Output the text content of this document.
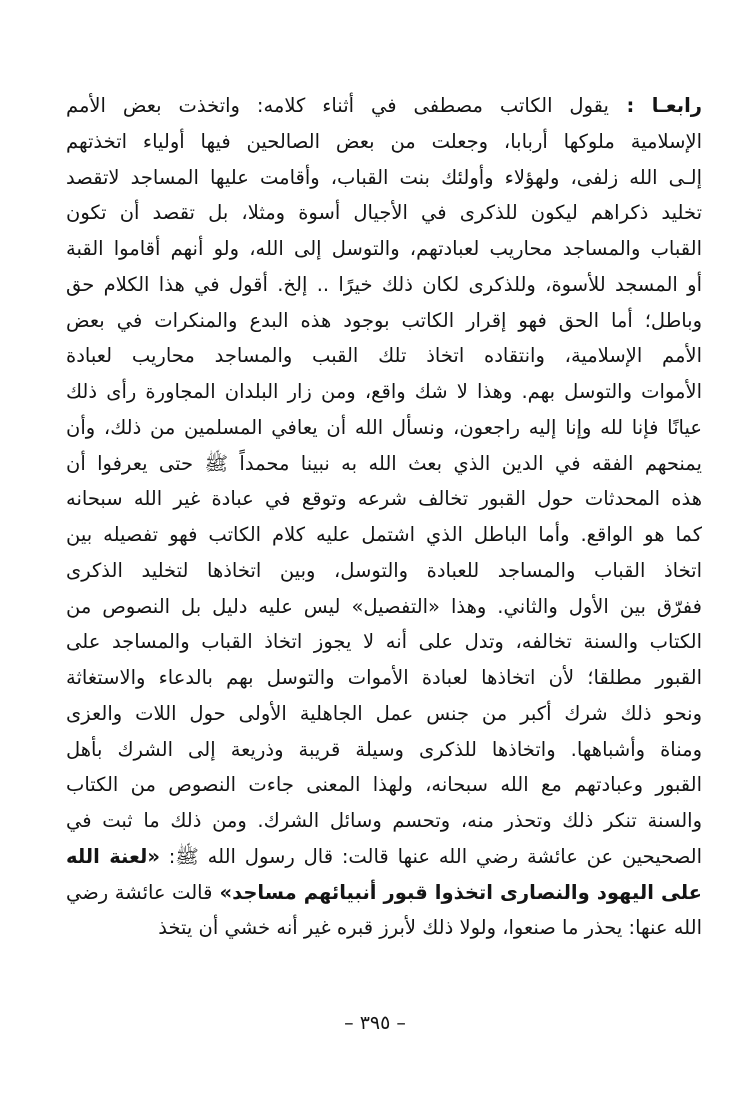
رابعـا : يقول الكاتب مصطفى في أثناء كلامه: واتخذت بعض الأمم
الإسلامية ملوكها أربابا، وجعلت من بعض الصالحين فيها أولياء اتخذتهم
إلـى الله زلفى، ولهؤلاء وأولئك بنت القباب، وأقامت عليها المساجد لاتقصد
تخليد ذكراهم ليكون للذكرى في الأجيال أسوة ومثلا، بل تقصد أن تكون
القباب والمساجد محاريب لعبادتهم، والتوسل إلى الله، ولو أنهم أقاموا القبة
أو المسجد للأسوة، وللذكرى لكان ذلك خيرًا .. إلخ. أقول في هذا الكلام حق
وباطل؛ أما الحق فهو إقرار الكاتب بوجود هذه البدع والمنكرات في بعض
الأمم الإسلامية، وانتقاده اتخاذ تلك القبب والمساجد محاريب لعبادة
الأموات والتوسل بهم. وهذا لا شك واقع، ومن زار البلدان المجاورة رأى ذلك
عيانًا فإنا لله وإنا إليه راجعون، ونسأل الله أن يعافي المسلمين من ذلك، وأن
يمنحهم الفقه في الدين الذي بعث الله به نبينا محمداً ﷺ حتى يعرفوا أن
هذه المحدثات حول القبور تخالف شرعه وتوقع في عبادة غير الله سبحانه
كما هو الواقع. وأما الباطل الذي اشتمل عليه كلام الكاتب فهو تفصيله بين
اتخاذ القباب والمساجد للعبادة والتوسل، وبين اتخاذها لتخليد الذكرى
ففرّق بين الأول والثاني. وهذا «التفصيل» ليس عليه دليل بل النصوص من
الكتاب والسنة تخالفه، وتدل على أنه لا يجوز اتخاذ القباب والمساجد على
القبور مطلقا؛ لأن اتخاذها لعبادة الأموات والتوسل بهم بالدعاء والاستغاثة
ونحو ذلك شرك أكبر من جنس عمل الجاهلية الأولى حول اللات والعزى
ومناة وأشباهها. واتخاذها للذكرى وسيلة قريبة وذريعة إلى الشرك بأهل
القبور وعبادتهم مع الله سبحانه، ولهذا المعنى جاءت النصوص من الكتاب
والسنة تنكر ذلك وتحذر منه، وتحسم وسائل الشرك. ومن ذلك ما ثبت في
الصحيحين عن عائشة رضي الله عنها قالت: قال رسول الله ﷺ: «لعنة الله
على اليهود والنصارى اتخذوا قبور أنبيائهم مساجد» قالت عائشة رضي
الله عنها: يحذر ما صنعوا، ولولا ذلك لأبرز قبره غير أنه خشي أن يتخذ
– ٣٩٥ –
